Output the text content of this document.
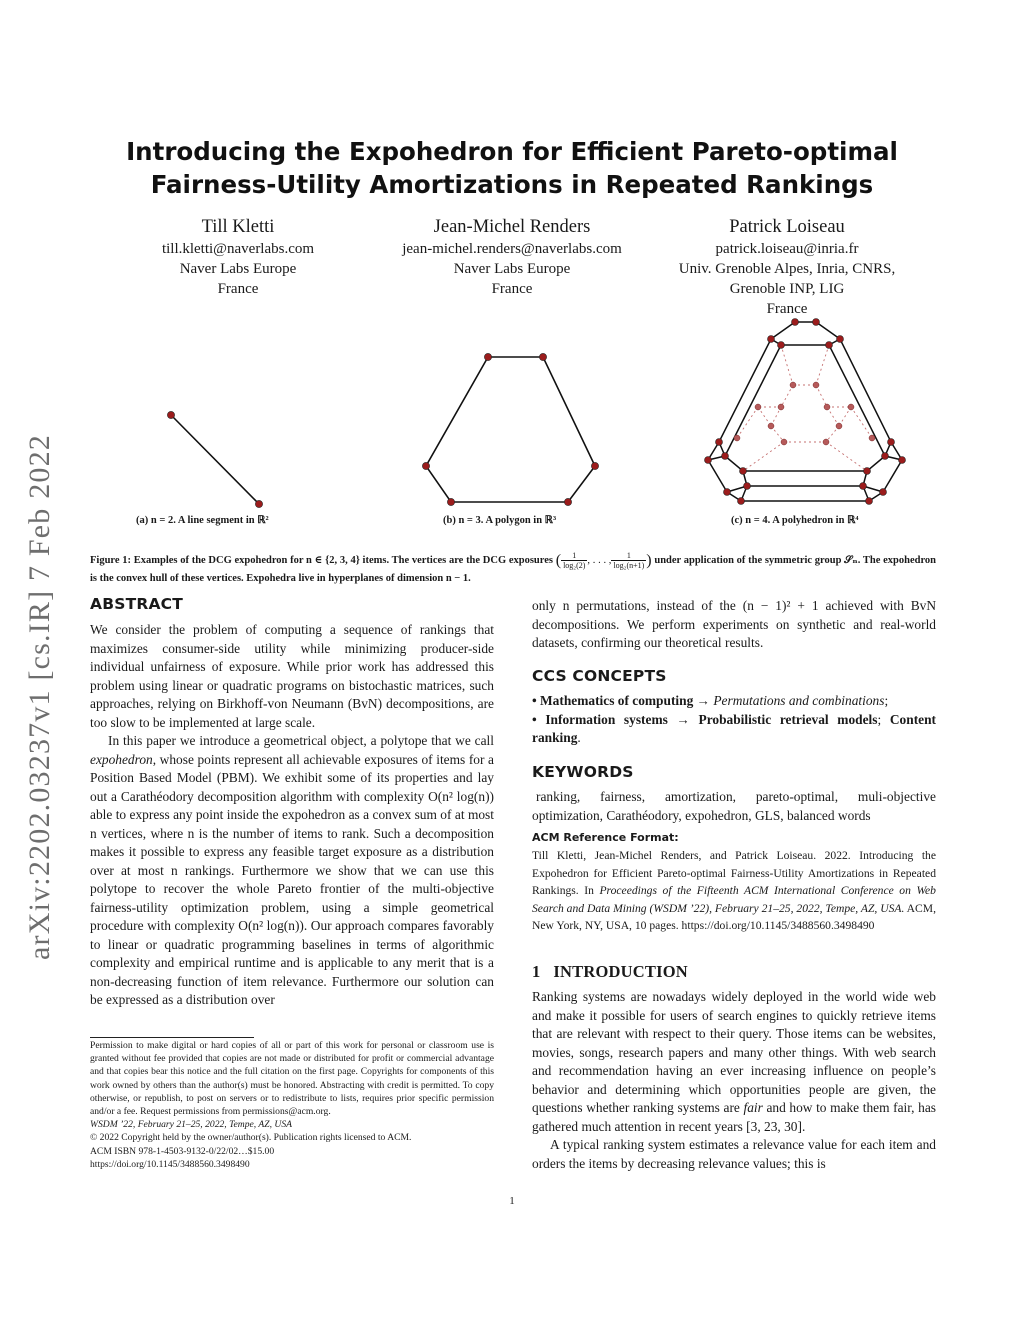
arXiv:2202.03237v1 [cs.IR] 7 Feb 2022
Introducing the Expohedron for Efficient Pareto-optimal
Fairness-Utility Amortizations in Repeated Rankings
Till Kletti
till.kletti@naverlabs.com
Naver Labs Europe
France
Jean-Michel Renders
jean-michel.renders@naverlabs.com
Naver Labs Europe
France
Patrick Loiseau
patrick.loiseau@inria.fr
Univ. Grenoble Alpes, Inria, CNRS,
Grenoble INP, LIG
France
(a) n = 2. A line segment in ℝ²	(b) n = 3. A polygon in ℝ³	(c) n = 4. A polyhedron in ℝ⁴
Figure 1: Examples of the DCG expohedron for n ∈ {2, 3, 4} items. The vertices are the DCG exposures ( $\frac{1}{\text{log₂(2)}}$ , . . . , $\frac{1}{\text{log₂(n+1)}}$ ) under application of the symmetric group 𝒮ₙ. The expohedron is the convex hull of these vertices. Expohedra live in hyperplanes of dimension n − 1.
ABSTRACT

We consider the problem of computing a sequence of rankings that maximizes consumer-side utility while minimizing producer-side individual unfairness of exposure. While prior work has addressed this problem using linear or quadratic programs on bistochastic matrices, such approaches, relying on Birkhoff-von Neumann (BvN) decompositions, are too slow to be implemented at large scale.

In this paper we introduce a geometrical object, a polytope that we call expohedron, whose points represent all achievable exposures of items for a Position Based Model (PBM). We exhibit some of its properties and lay out a Carathéodory decomposition algorithm with complexity O(n² log(n)) able to express any point inside the expohedron as a convex sum of at most n vertices, where n is the number of items to rank. Such a decomposition makes it possible to express any feasible target exposure as a distribution over at most n rankings. Furthermore we show that we can use this polytope to recover the whole Pareto frontier of the multi-objective fairness-utility optimization problem, using a simple geometrical procedure with complexity O(n² log(n)). Our approach compares favorably to linear or quadratic programming baselines in terms of algorithmic complexity and empirical runtime and is applicable to any merit that is a non-decreasing function of item relevance. Furthermore our solution can be expressed as a distribution over

Permission to make digital or hard copies of all or part of this work for personal or classroom use is granted without fee provided that copies are not made or distributed for profit or commercial advantage and that copies bear this notice and the full citation on the first page. Copyrights for components of this work owned by others than the author(s) must be honored. Abstracting with credit is permitted. To copy otherwise, or republish, to post on servers or to redistribute to lists, requires prior specific permission and/or a fee. Request permissions from permissions@acm.org.

WSDM ’22, February 21–25, 2022, Tempe, AZ, USA

© 2022 Copyright held by the owner/author(s). Publication rights licensed to ACM.

ACM ISBN 978-1-4503-9132-0/22/02…$15.00

https://doi.org/10.1145/3488560.3498490

only n permutations, instead of the (n − 1)² + 1 achieved with BvN decompositions. We perform experiments on synthetic and real-world datasets, confirming our theoretical results.
CCS CONCEPTS

• Mathematics of computing → Permutations and combinations;

• Information systems → Probabilistic retrieval models; Content ranking.

KEYWORDS
ranking, fairness, amortization, pareto-optimal, muli-objective optimization, Carathéodory, expohedron, GLS, balanced words
ACM Reference Format:
Till Kletti, Jean-Michel Renders, and Patrick Loiseau. 2022. Introducing the Expohedron for Efficient Pareto-optimal Fairness-Utility Amortizations in Repeated Rankings. In Proceedings of the Fifteenth ACM International Conference on Web Search and Data Mining (WSDM ’22), February 21–25, 2022, Tempe, AZ, USA. ACM, New York, NY, USA, 10 pages. https://doi.org/10.1145/3488560.3498490
1   INTRODUCTION

Ranking systems are nowadays widely deployed in the world wide web and make it possible for users of search engines to quickly retrieve items that are relevant with respect to their query. Those items can be websites, movies, songs, research papers and many other things. With web search and recommendation having an ever increasing influence on people’s behavior and determining which opportunities people are given, the questions whether ranking systems are fair and how to make them fair, has gathered much attention in recent years [3, 23, 30].

A typical ranking system estimates a relevance value for each item and orders the items by decreasing relevance values; this is

1
